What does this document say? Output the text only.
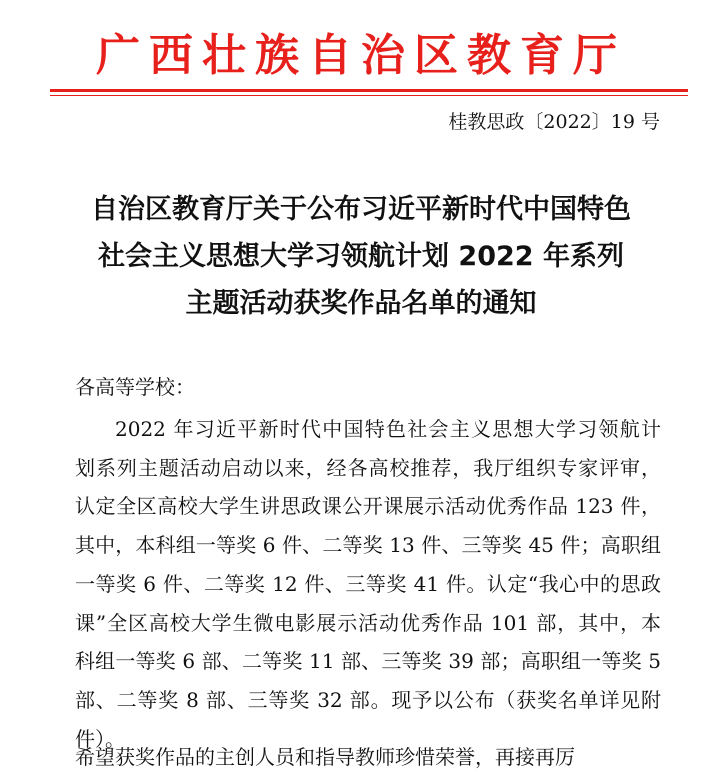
广西壮族自治区教育厅
桂教思政〔2022〕19 号
自治区教育厅关于公布习近平新时代中国特色
社会主义思想大学习领航计划 2022 年系列
主题活动获奖作品名单的通知
各高等学校：
2022 年习近平新时代中国特色社会主义思想大学习领航计
划系列主题活动启动以来，经各高校推荐，我厅组织专家评审，
认定全区高校大学生讲思政课公开课展示活动优秀作品 123 件，
其中，本科组一等奖 6 件、二等奖 13 件、三等奖 45 件；高职组
一等奖 6 件、二等奖 12 件、三等奖 41 件。认定“我心中的思政
课”全区高校大学生微电影展示活动优秀作品 101 部，其中，本
科组一等奖 6 部、二等奖 11 部、三等奖 39 部；高职组一等奖 5
部、二等奖 8 部、三等奖 32 部。现予以公布（获奖名单详见附
件）。
希望获奖作品的主创人员和指导教师珍惜荣誉，再接再厉
